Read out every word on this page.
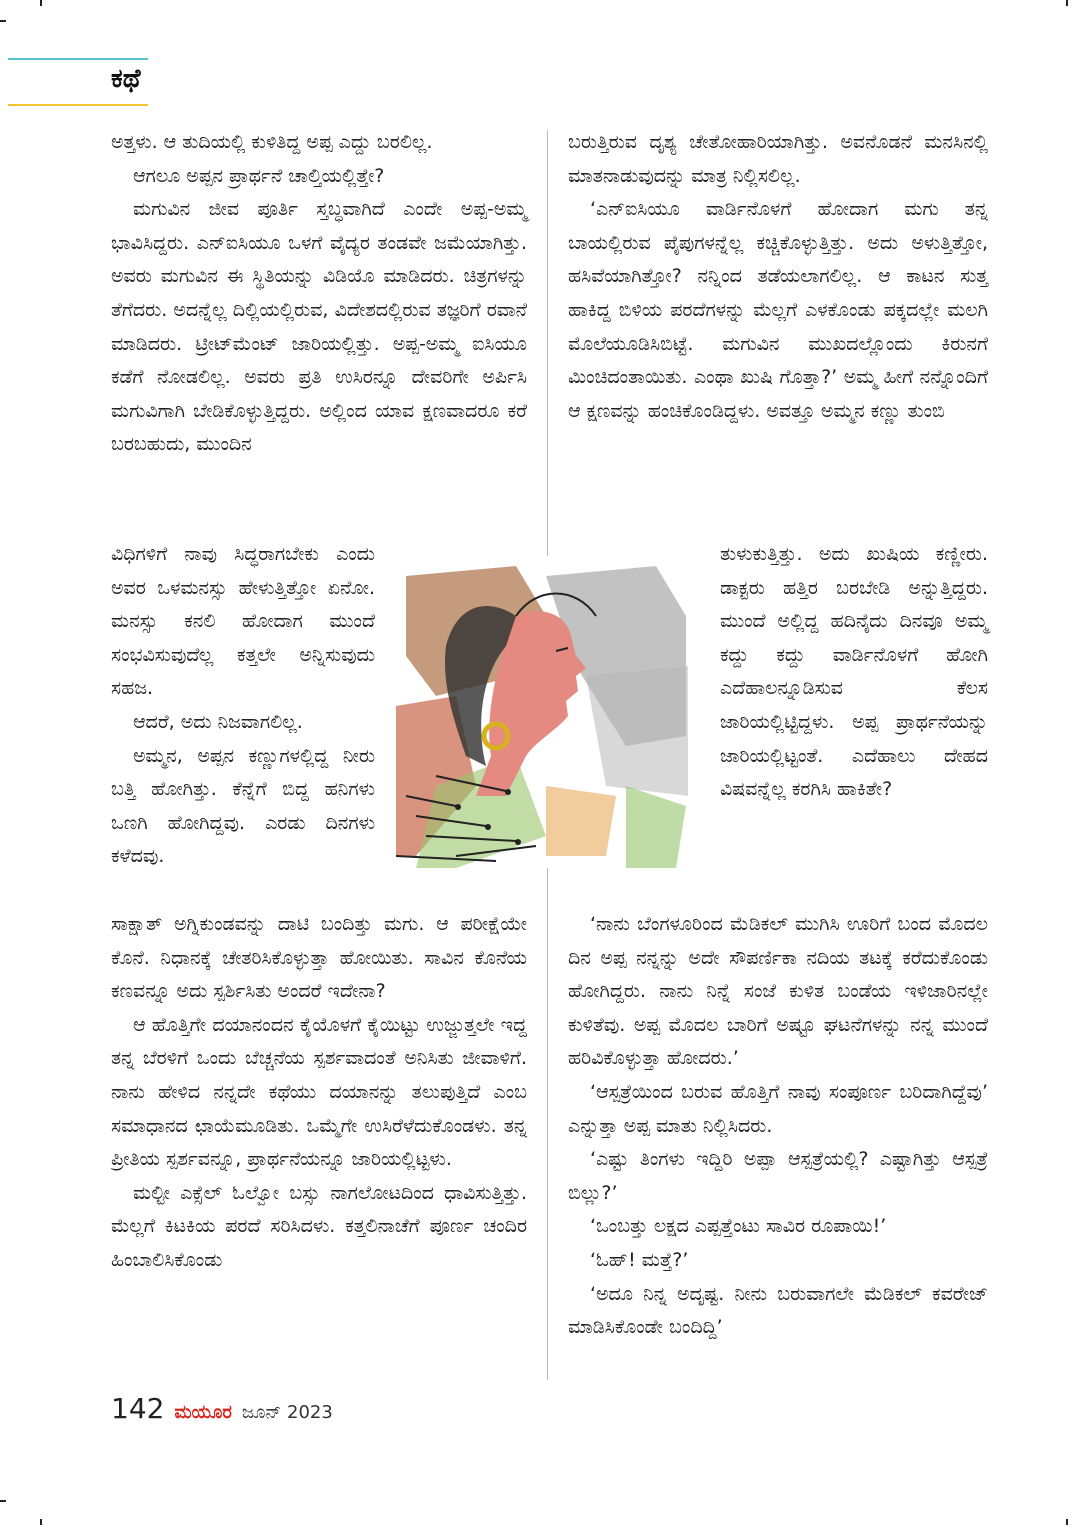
ಕಥೆ

ಅತ್ತಳು. ಆ ತುದಿಯಲ್ಲಿ ಕುಳಿತಿದ್ದ ಅಪ್ಪ ಎದ್ದು ಬರಲಿಲ್ಲ.

ಆಗಲೂ ಅಪ್ಪನ ಪ್ರಾರ್ಥನೆ ಚಾಲ್ತಿಯಲ್ಲಿತ್ತೇ?

ಮಗುವಿನ ಜೀವ ಪೂರ್ತಿ ಸ್ತಬ್ಧವಾಗಿದೆ ಎಂದೇ ಅಪ್ಪ-ಅಮ್ಮ ಭಾವಿಸಿದ್ದರು. ಎನ್‌ಐಸಿಯೂ ಒಳಗೆ ವೈದ್ಯರ ತಂಡವೇ ಜಮೆಯಾಗಿತ್ತು. ಅವರು ಮಗುವಿನ ಈ ಸ್ಥಿತಿಯನ್ನು ವಿಡಿಯೊ ಮಾಡಿದರು. ಚಿತ್ರಗಳನ್ನು ತೆಗೆದರು. ಅದನ್ನೆಲ್ಲ ದಿಲ್ಲಿಯಲ್ಲಿರುವ, ವಿದೇಶದಲ್ಲಿರುವ ತಜ್ಞರಿಗೆ ರವಾನೆ ಮಾಡಿದರು. ಟ್ರೀಟ್‌ಮೆಂಟ್ ಜಾರಿಯಲ್ಲಿತ್ತು. ಅಪ್ಪ-ಅಮ್ಮ ಐಸಿಯೂ ಕಡೆಗೆ ನೋಡಲಿಲ್ಲ. ಅವರು ಪ್ರತಿ ಉಸಿರನ್ನೂ ದೇವರಿಗೇ ಅರ್ಪಿಸಿ ಮಗುವಿಗಾಗಿ ಬೇಡಿಕೊಳ್ಳುತ್ತಿದ್ದರು. ಅಲ್ಲಿಂದ ಯಾವ ಕ್ಷಣವಾದರೂ ಕರೆ ಬರಬಹುದು, ಮುಂದಿನ

ವಿಧಿಗಳಿಗೆ ನಾವು ಸಿದ್ಧರಾಗಬೇಕು ಎಂದು ಅವರ ಒಳಮನಸ್ಸು ಹೇಳುತ್ತಿತ್ತೋ ಏನೋ. ಮನಸ್ಸು ಕನಲಿ ಹೋದಾಗ ಮುಂದೆ ಸಂಭವಿಸುವುದೆಲ್ಲ ಕತ್ತಲೇ ಅನ್ನಿಸುವುದು ಸಹಜ.

ಆದರೆ, ಅದು ನಿಜವಾಗಲಿಲ್ಲ.

ಅಮ್ಮನ, ಅಪ್ಪನ ಕಣ್ಣುಗಳಲ್ಲಿದ್ದ ನೀರು ಬತ್ತಿ ಹೋಗಿತ್ತು. ಕೆನ್ನೆಗೆ ಬಿದ್ದ ಹನಿಗಳು ಒಣಗಿ ಹೋಗಿದ್ದವು. ಎರಡು ದಿನಗಳು ಕಳೆದವು.

ಸಾಕ್ಷಾತ್ ಅಗ್ನಿಕುಂಡವನ್ನು ದಾಟಿ ಬಂದಿತ್ತು ಮಗು. ಆ ಪರೀಕ್ಷೆಯೇ ಕೊನೆ. ನಿಧಾನಕ್ಕೆ ಚೇತರಿಸಿಕೊಳ್ಳುತ್ತಾ ಹೋಯಿತು. ಸಾವಿನ ಕೊನೆಯ ಕಣವನ್ನೂ ಅದು ಸ್ಪರ್ಶಿಸಿತು ಅಂದರೆ ಇದೇನಾ?

ಆ ಹೊತ್ತಿಗೇ ದಯಾನಂದನ ಕೈಯೊಳಗೆ ಕೈಯಿಟ್ಟು ಉಜ್ಜುತ್ತಲೇ ಇದ್ದ ತನ್ನ ಬೆರಳಿಗೆ ಒಂದು ಬೆಚ್ಚನೆಯ ಸ್ಪರ್ಶವಾದಂತೆ ಅನಿಸಿತು ಜೀವಾಳಿಗೆ. ನಾನು ಹೇಳಿದ ನನ್ನದೇ ಕಥೆಯು ದಯಾನನ್ನು ತಲುಪುತ್ತಿದೆ ಎಂಬ ಸಮಾಧಾನದ ಛಾಯೆಮೂಡಿತು. ಒಮ್ಮೆಗೇ ಉಸಿರೆಳೆದುಕೊಂಡಳು. ತನ್ನ ಪ್ರೀತಿಯ ಸ್ಪರ್ಶವನ್ನೂ, ಪ್ರಾರ್ಥನೆಯನ್ನೂ ಜಾರಿಯಲ್ಲಿಟ್ಟಳು.

ಮಲ್ಟೀ ಎಕ್ಸೆಲ್ ಓಲ್ವೋ ಬಸ್ಸು ನಾಗಲೋಟದಿಂದ ಧಾವಿಸುತ್ತಿತ್ತು. ಮೆಲ್ಲಗೆ ಕಿಟಕಿಯ ಪರದೆ ಸರಿಸಿದಳು. ಕತ್ತಲಿನಾಚೆಗೆ ಪೂರ್ಣ ಚಂದಿರ ಹಿಂಬಾಲಿಸಿಕೊಂಡು

ಬರುತ್ತಿರುವ ದೃಶ್ಯ ಚೇತೋಹಾರಿಯಾಗಿತ್ತು. ಅವನೊಡನೆ ಮನಸಿನಲ್ಲಿ ಮಾತನಾಡುವುದನ್ನು ಮಾತ್ರ ನಿಲ್ಲಿಸಲಿಲ್ಲ.

‘ಎನ್‌ಐಸಿಯೂ ವಾರ್ಡಿನೊಳಗೆ ಹೋದಾಗ ಮಗು ತನ್ನ ಬಾಯಲ್ಲಿರುವ ಪೈಪುಗಳನ್ನೆಲ್ಲ ಕಚ್ಚಿಕೊಳ್ಳುತ್ತಿತ್ತು. ಅದು ಅಳುತ್ತಿತ್ತೋ, ಹಸಿವೆಯಾಗಿತ್ತೋ? ನನ್ನಿಂದ ತಡೆಯಲಾಗಲಿಲ್ಲ. ಆ ಕಾಟನ ಸುತ್ತ ಹಾಕಿದ್ದ ಬಿಳಿಯ ಪರದೆಗಳನ್ನು ಮೆಲ್ಲಗೆ ಎಳಕೊಂಡು ಪಕ್ಕದಲ್ಲೇ ಮಲಗಿ ಮೊಲೆಯೂಡಿಸಿಬಿಟ್ಟೆ. ಮಗುವಿನ ಮುಖದಲ್ಲೊಂದು ಕಿರುನಗೆ ಮಿಂಚಿದಂತಾಯಿತು. ಎಂಥಾ ಖುಷಿ ಗೊತ್ತಾ?’ ಅಮ್ಮ ಹೀಗೆ ನನ್ನೊಂದಿಗೆ ಆ ಕ್ಷಣವನ್ನು ಹಂಚಿಕೊಂಡಿದ್ದಳು. ಅವತ್ತೂ ಅಮ್ಮನ ಕಣ್ಣು ತುಂಬಿ

ತುಳುಕುತ್ತಿತ್ತು. ಅದು ಖುಷಿಯ ಕಣ್ಣೀರು. ಡಾಕ್ಟರು ಹತ್ತಿರ ಬರಬೇಡಿ ಅನ್ನುತ್ತಿದ್ದರು. ಮುಂದೆ ಅಲ್ಲಿದ್ದ ಹದಿನೈದು ದಿನವೂ ಅಮ್ಮ ಕದ್ದು ಕದ್ದು ವಾರ್ಡಿನೊಳಗೆ ಹೋಗಿ ಎದೆಹಾಲನ್ನೂಡಿಸುವ ಕೆಲಸ ಜಾರಿಯಲ್ಲಿಟ್ಟಿದ್ದಳು. ಅಪ್ಪ ಪ್ರಾರ್ಥನೆಯನ್ನು ಜಾರಿಯಲ್ಲಿಟ್ಟಂತೆ. ಎದೆಹಾಲು ದೇಹದ ವಿಷವನ್ನೆಲ್ಲ ಕರಗಿಸಿ ಹಾಕಿತೇ?

‘ನಾನು ಬೆಂಗಳೂರಿಂದ ಮೆಡಿಕಲ್ ಮುಗಿಸಿ ಊರಿಗೆ ಬಂದ ಮೊದಲ ದಿನ ಅಪ್ಪ ನನ್ನನ್ನು ಅದೇ ಸೌಪರ್ಣಿಕಾ ನದಿಯ ತಟಕ್ಕೆ ಕರೆದುಕೊಂಡು ಹೋಗಿದ್ದರು. ನಾನು ನಿನ್ನೆ ಸಂಜೆ ಕುಳಿತ ಬಂಡೆಯ ಇಳಿಜಾರಿನಲ್ಲೇ ಕುಳಿತೆವು. ಅಪ್ಪ ಮೊದಲ ಬಾರಿಗೆ ಅಷ್ಟೂ ಘಟನೆಗಳನ್ನು ನನ್ನ ಮುಂದೆ ಹರಿವಿಕೊಳ್ಳುತ್ತಾ ಹೋದರು.’

‘ಆಸ್ಪತ್ರೆಯಿಂದ ಬರುವ ಹೊತ್ತಿಗೆ ನಾವು ಸಂಪೂರ್ಣ ಬರಿದಾಗಿದ್ದೆವು’ ಎನ್ನುತ್ತಾ ಅಪ್ಪ ಮಾತು ನಿಲ್ಲಿಸಿದರು.

‘ಎಷ್ಟು ತಿಂಗಳು ಇದ್ದಿರಿ ಅಪ್ಪಾ ಆಸ್ಪತ್ರೆಯಲ್ಲಿ? ಎಷ್ಟಾಗಿತ್ತು ಆಸ್ಪತ್ರೆ ಬಿಲ್ಲು?’

‘ಒಂಬತ್ತು ಲಕ್ಷದ ಎಪ್ಪತ್ತೆಂಟು ಸಾವಿರ ರೂಪಾಯಿ!’

‘ಓಹ್! ಮತ್ತೆ?’

‘ಅದೂ ನಿನ್ನ ಅದೃಷ್ಟ. ನೀನು ಬರುವಾಗಲೇ ಮೆಡಿಕಲ್ ಕವರೇಜ್ ಮಾಡಿಸಿಕೊಂಡೇ ಬಂದಿದ್ದಿ’

142 ಮಯೂರ ಜೂನ್ 2023
